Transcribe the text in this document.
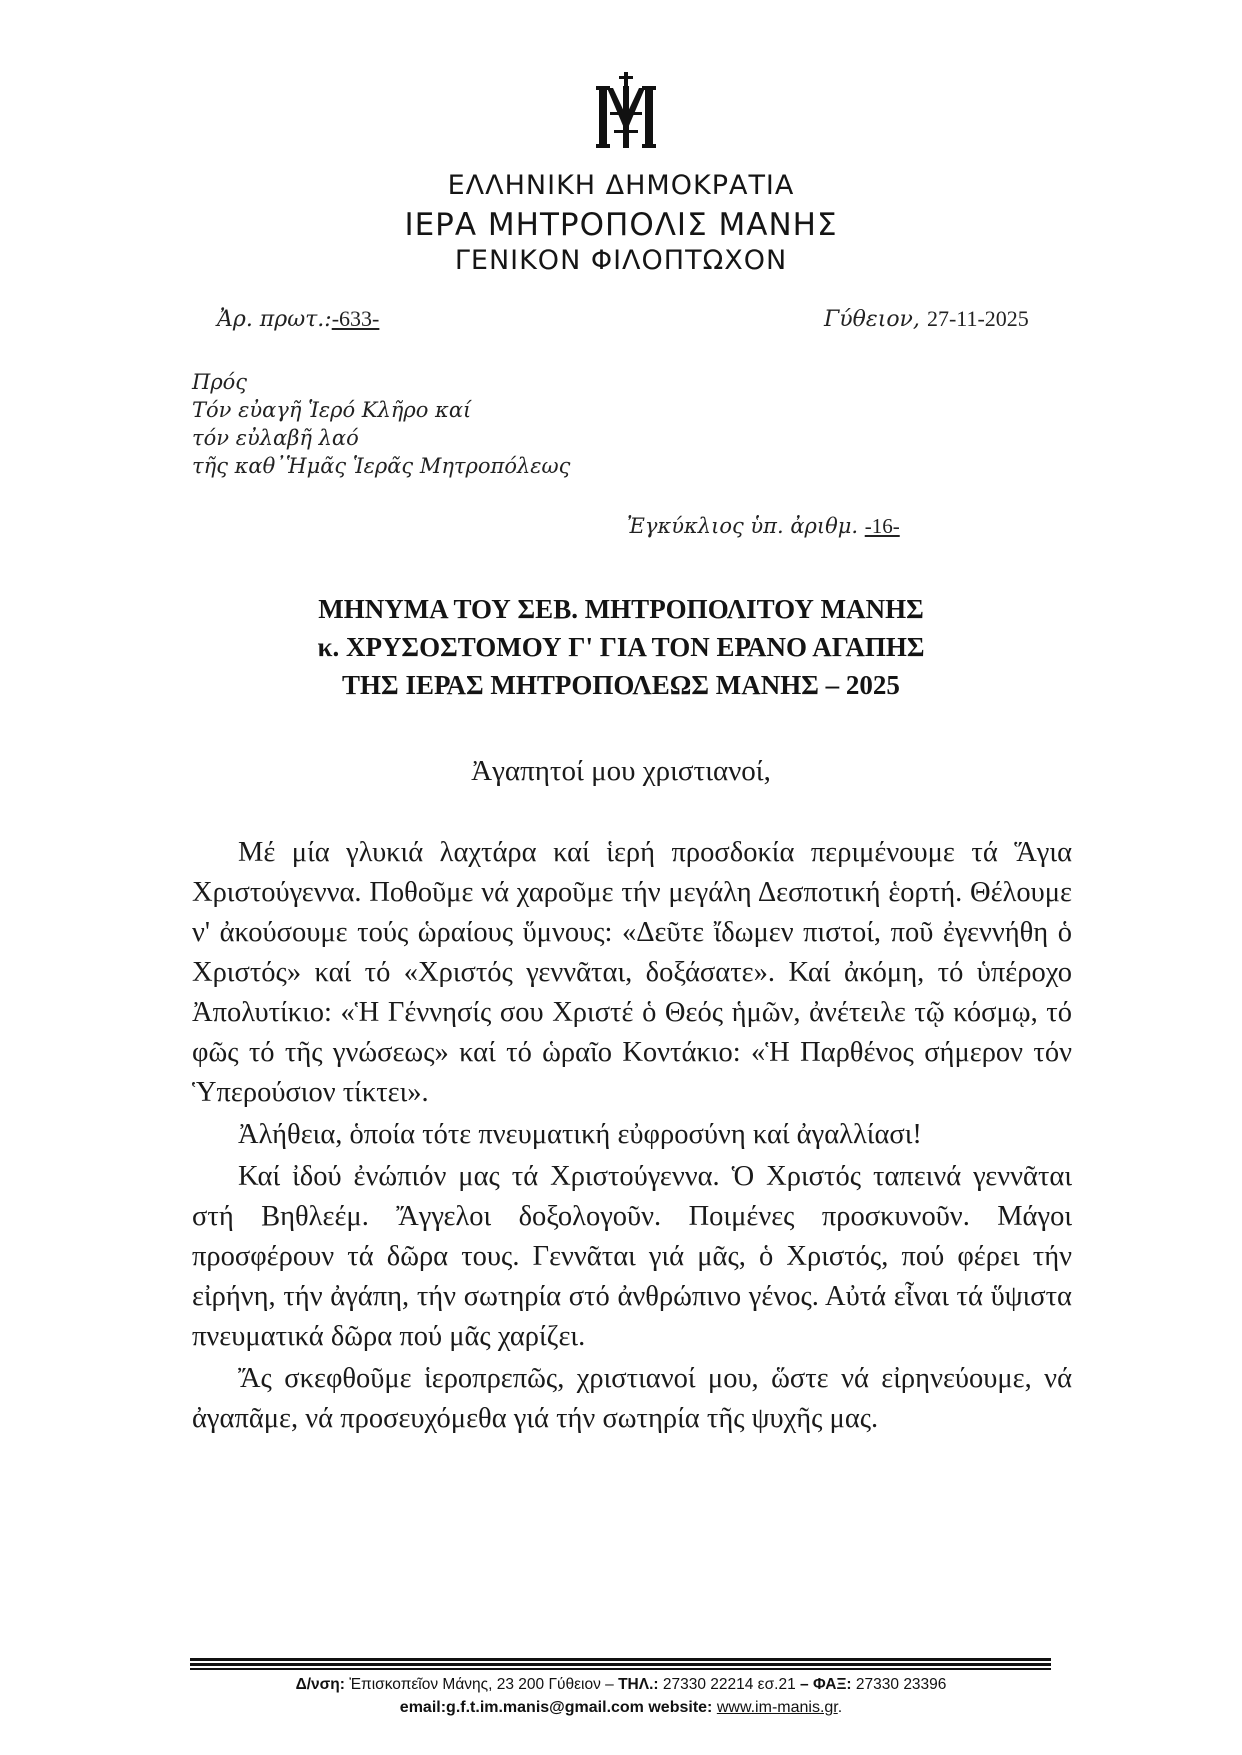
ΕΛΛΗΝΙΚΗ ΔΗΜΟΚΡΑΤΙΑ
ΙΕΡΑ ΜΗΤΡΟΠΟΛΙΣ ΜΑΝΗΣ
ΓΕΝΙΚΟΝ ΦΙΛΟΠΤΩΧΟΝ
Ἀρ. πρωτ.:-633-	Γύθειον, 27-11-2025
Πρός
Τόν εὐαγῆ Ἱερό Κλῆρο καί
τόν εὐλαβῆ λαό
τῆς καθ᾽Ἡμᾶς Ἱερᾶς Μητροπόλεως
Ἐγκύκλιος ὑπ. ἀριθμ. -16-
ΜΗΝΥΜΑ ΤΟΥ ΣΕΒ. ΜΗΤΡΟΠΟΛΙΤΟΥ ΜΑΝΗΣ
κ. ΧΡΥΣΟΣΤΟΜΟΥ Γ' ΓΙΑ ΤΟΝ ΕΡΑΝΟ ΑΓΑΠΗΣ
ΤΗΣ ΙΕΡΑΣ ΜΗΤΡΟΠΟΛΕΩΣ ΜΑΝΗΣ – 2025
Ἀγαπητοί μου χριστιανοί,

Μέ μία γλυκιά λαχτάρα καί ἱερή προσδοκία περιμένουμε τά Ἅγια Χριστούγεννα. Ποθοῦμε νά χαροῦμε τήν μεγάλη Δεσποτική ἑορτή. Θέλουμε ν' ἀκούσουμε τούς ὡραίους ὕμνους: «Δεῦτε ἴδωμεν πιστοί, ποῦ ἐγεννήθη ὁ Χριστός» καί τό «Χριστός γεννᾶται, δοξάσατε». Καί ἀκόμη, τό ὑπέροχο Ἀπολυτίκιο: «Ἡ Γέννησίς σου Χριστέ ὁ Θεός ἡμῶν, ἀνέτειλε τῷ κόσμῳ, τό φῶς τό τῆς γνώσεως» καί τό ὡραῖο Κοντάκιο: «Ἡ Παρθένος σήμερον τόν Ὑπερούσιον τίκτει».

Ἀλήθεια, ὁποία τότε πνευματική εὐφροσύνη καί ἀγαλλίασι!

Καί ἰδού ἐνώπιόν μας τά Χριστούγεννα. Ὁ Χριστός ταπεινά γεννᾶται στή Βηθλεέμ. Ἄγγελοι δοξολογοῦν. Ποιμένες προσκυνοῦν. Μάγοι προσφέρουν τά δῶρα τους. Γεννᾶται γιά μᾶς, ὁ Χριστός, πού φέρει τήν εἰρήνη, τήν ἀγάπη, τήν σωτηρία στό ἀνθρώπινο γένος. Αὐτά εἶναι τά ὕψιστα πνευματικά δῶρα πού μᾶς χαρίζει.

Ἄς σκεφθοῦμε ἱεροπρεπῶς, χριστιανοί μου, ὥστε νά εἰρηνεύουμε, νά ἀγαπᾶμε, νά προσευχόμεθα γιά τήν σωτηρία τῆς ψυχῆς μας.

Δ/νση: Ἐπισκοπεῖον Μάνης, 23 200 Γύθειον – ΤΗΛ.: 27330 22214 εσ.21 – ΦΑΞ: 27330 23396
email:g.f.t.im.manis@gmail.com website: www.im-manis.gr.
